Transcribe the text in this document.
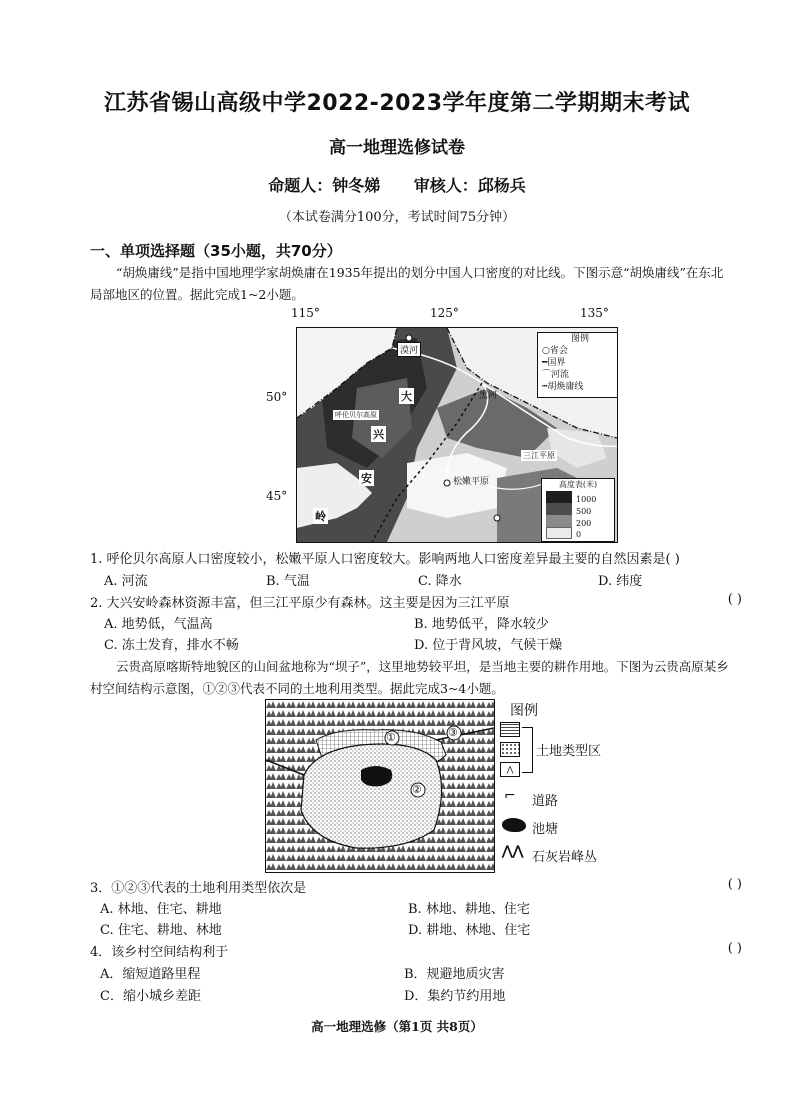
江苏省锡山高级中学2022-2023学年度第二学期期末考试
高一地理选修试卷
命题人：钟冬娣 审核人：邱杨兵
（本试卷满分100分，考试时间75分钟）
一、单项选择题（35小题，共70分）
“胡焕庸线”是指中国地理学家胡焕庸在1935年提出的划分中国人口密度的对比线。下图示意“胡焕庸线”在东北局部地区的位置。据此完成1~2小题。
115°	125°	135°
50°
45°
漠河
大
呼伦贝尔高原
黑河
兴
三江平原
松嫩平原
安
岭
图例
○省会
━国界
⌒河流
┅胡焕庸线
高度表(米)
1000
500
200
0
1. 呼伦贝尔高原人口密度较小，松嫩平原人口密度较大。影响两地人口密度差异最主要的自然因素是( )
A. 河流	B. 气温	C. 降水	D. 纬度
2. 大兴安岭森林资源丰富，但三江平原少有森林。这主要是因为三江平原	( )
A. 地势低，气温高	B. 地势低平，降水较少
C. 冻土发育，排水不畅	D. 位于背风坡，气候干燥
云贵高原喀斯特地貌区的山间盆地称为“坝子”，这里地势较平坦，是当地主要的耕作用地。下图为云贵高原某乡村空间结构示意图，①②③代表不同的土地利用类型。据此完成3~4小题。
①
②
③
图例
⋀
土地类型区
⌐ 道路
池塘
⋀⋀ 石灰岩峰丛
3．①②③代表的土地利用类型依次是	( )
A. 林地、住宅、耕地	B. 林地、耕地、住宅
C. 住宅、耕地、林地	D. 耕地、林地、住宅
4．该乡村空间结构利于	( )
A．缩短道路里程	B．规避地质灾害
C．缩小城乡差距	D．集约节约用地
高一地理选修（第1页 共8页）
